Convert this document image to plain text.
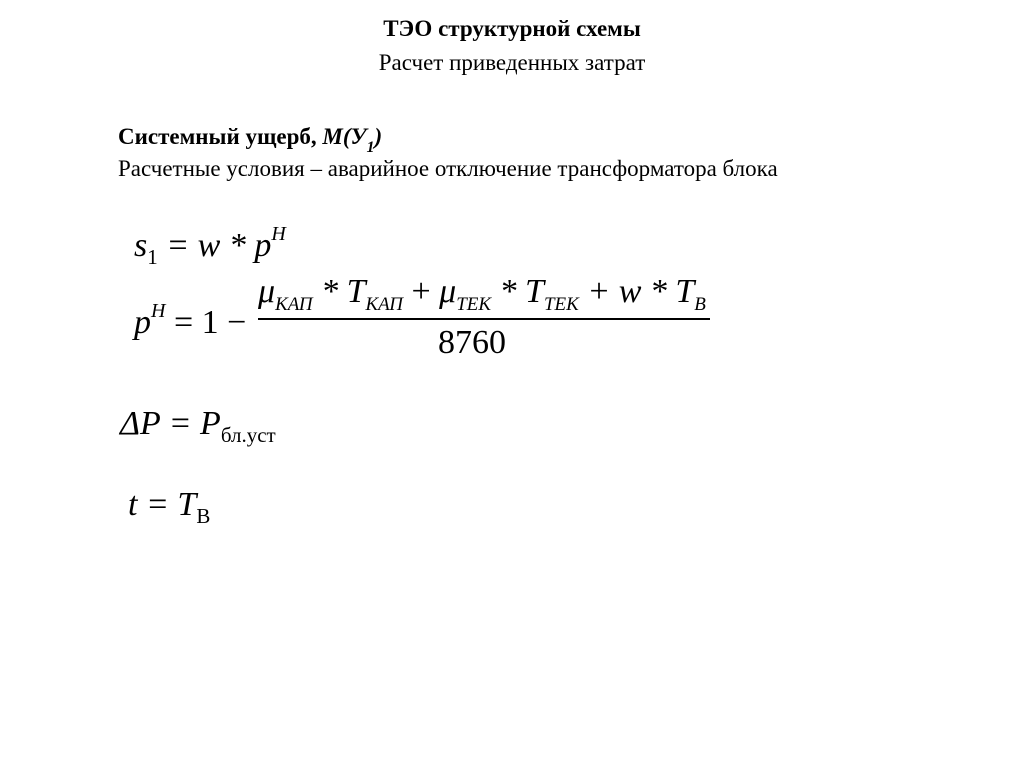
ТЭО структурной схемы
Расчет приведенных затрат
Системный ущерб, $М(У_1)$
Расчетные условия – аварийное отключение трансформатора блока
$s_1 = w * p^H$
$p^H = 1$ −
$\mu_{КАП} * T_{КАП} + \mu_{ТЕК} * T_{ТЕК} + w * T_В$
8760
$\Delta P = P_{бл.уст}$
$t = T_В$
